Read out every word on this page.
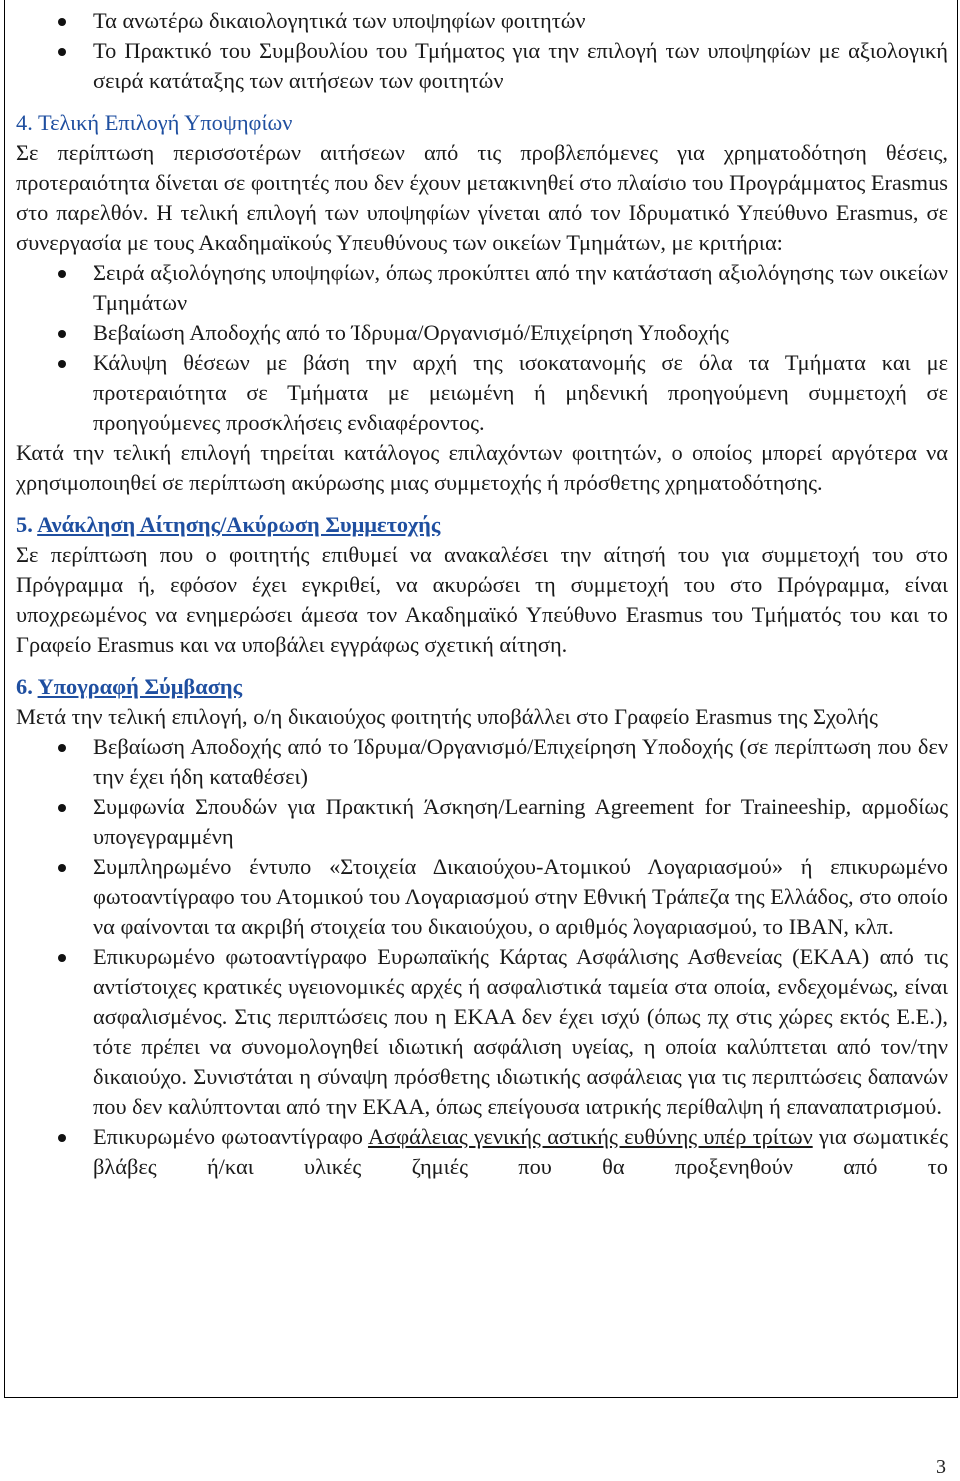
Τα ανωτέρω δικαιολογητικά των υποψηφίων φοιτητών
Το Πρακτικό του Συμβουλίου του Τμήματος για την επιλογή των υποψηφίων με αξιολογική σειρά κατάταξης των αιτήσεων των φοιτητών

4. Τελική Επιλογή Υποψηφίων

Σε περίπτωση περισσοτέρων αιτήσεων από τις προβλεπόμενες για χρηματοδότηση θέσεις, προτεραιότητα δίνεται σε φοιτητές που δεν έχουν μετακινηθεί στο πλαίσιο του Προγράμματος Erasmus στο παρελθόν. Η τελική επιλογή των υποψηφίων γίνεται από τον Ιδρυματικό Υπεύθυνο Erasmus, σε συνεργασία με τους Ακαδημαϊκούς Υπευθύνους των οικείων Τμημάτων, με κριτήρια:

Σειρά αξιολόγησης υποψηφίων, όπως προκύπτει από την κατάσταση αξιολόγησης των οικείων Τμημάτων
Βεβαίωση Αποδοχής από το Ίδρυμα/Οργανισμό/Επιχείρηση Υποδοχής
Κάλυψη θέσεων με βάση την αρχή της ισοκατανομής σε όλα τα Τμήματα και με προτεραιότητα σε Τμήματα με μειωμένη ή μηδενική προηγούμενη συμμετοχή σε προηγούμενες προσκλήσεις ενδιαφέροντος.

Κατά την τελική επιλογή τηρείται κατάλογος επιλαχόντων φοιτητών, ο οποίος μπορεί αργότερα να χρησιμοποιηθεί σε περίπτωση ακύρωσης μιας συμμετοχής ή πρόσθετης χρηματοδότησης.

5. Ανάκληση Αίτησης/Ακύρωση Συμμετοχής

Σε περίπτωση που ο φοιτητής επιθυμεί να ανακαλέσει την αίτησή του για συμμετοχή του στο Πρόγραμμα ή, εφόσον έχει εγκριθεί, να ακυρώσει τη συμμετοχή του στο Πρόγραμμα, είναι υποχρεωμένος να ενημερώσει άμεσα τον Ακαδημαϊκό Υπεύθυνο Erasmus του Τμήματός του και το Γραφείο Erasmus και να υποβάλει εγγράφως σχετική αίτηση.

6. Υπογραφή Σύμβασης

Μετά την τελική επιλογή, ο/η δικαιούχος φοιτητής υποβάλλει στο Γραφείο Erasmus της Σχολής

Βεβαίωση Αποδοχής από το Ίδρυμα/Οργανισμό/Επιχείρηση Υποδοχής (σε περίπτωση που δεν την έχει ήδη καταθέσει)
Συμφωνία Σπουδών για Πρακτική Άσκηση/Learning Agreement for Traineeship, αρμοδίως υπογεγραμμένη
Συμπληρωμένο έντυπο «Στοιχεία Δικαιούχου-Ατομικού Λογαριασμού» ή επικυρωμένο φωτοαντίγραφο του Ατομικού του Λογαριασμού στην Εθνική Τράπεζα της Ελλάδος, στο οποίο να φαίνονται τα ακριβή στοιχεία του δικαιούχου, ο αριθμός λογαριασμού, το IBAN, κλπ.
Επικυρωμένο φωτοαντίγραφο Ευρωπαϊκής Κάρτας Ασφάλισης Ασθενείας (ΕΚΑΑ) από τις αντίστοιχες κρατικές υγειονομικές αρχές ή ασφαλιστικά ταμεία στα οποία, ενδεχομένως, είναι ασφαλισμένος. Στις περιπτώσεις που η ΕΚΑΑ δεν έχει ισχύ (όπως πχ στις χώρες εκτός Ε.Ε.), τότε πρέπει να συνομολογηθεί ιδιωτική ασφάλιση υγείας, η οποία καλύπτεται από τον/την δικαιούχο. Συνιστάται η σύναψη πρόσθετης ιδιωτικής ασφάλειας για τις περιπτώσεις δαπανών που δεν καλύπτονται από την ΕΚΑΑ, όπως επείγουσα ιατρικής περίθαλψη ή επαναπατρισμού.
Επικυρωμένο φωτοαντίγραφο Ασφάλειας γενικής αστικής ευθύνης υπέρ τρίτων για σωματικές βλάβες ή/και υλικές ζημιές που θα προξενηθούν από το
3
